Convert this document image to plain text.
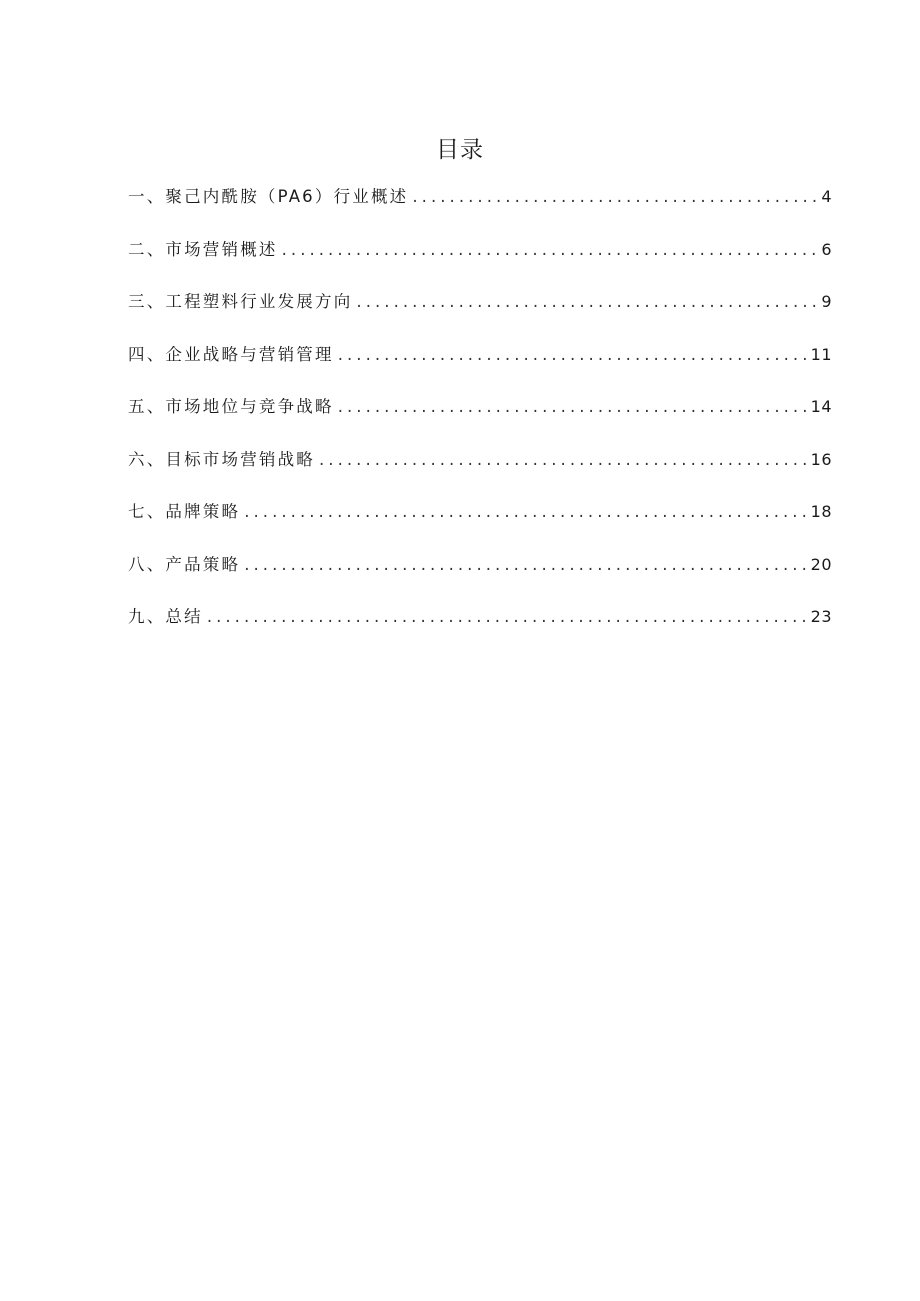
目录
一、聚己内酰胺（PA6）行业概述 . . .	4
二、市场营销概述 . . .	6
三、工程塑料行业发展方向 . . .	9
四、企业战略与营销管理 . . .	11
五、市场地位与竞争战略 . . .	14
六、目标市场营销战略 . . .	16
七、品牌策略 . . .	18
八、产品策略 . . .	20
九、总结 . . .	23
